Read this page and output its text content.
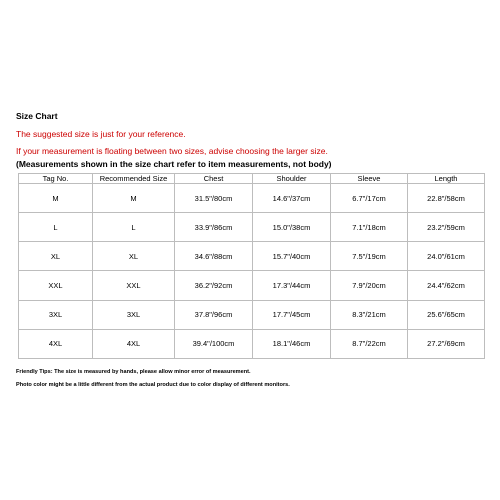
Size Chart
The suggested size is just for your reference.
If your measurement is floating between two sizes, advise choosing the larger size.
(Measurements shown in the size chart refer to item measurements, not body)
Tag No.	Recommended Size	Chest	Shoulder	Sleeve	Length
M	M	31.5"/80cm	14.6"/37cm	6.7"/17cm	22.8"/58cm
L	L	33.9"/86cm	15.0"/38cm	7.1"/18cm	23.2"/59cm
XL	XL	34.6"/88cm	15.7"/40cm	7.5"/19cm	24.0"/61cm
XXL	XXL	36.2"/92cm	17.3"/44cm	7.9"/20cm	24.4"/62cm
3XL	3XL	37.8"/96cm	17.7"/45cm	8.3"/21cm	25.6"/65cm
4XL	4XL	39.4"/100cm	18.1"/46cm	8.7"/22cm	27.2"/69cm
Friendly Tips: The size is measured by hands, please allow minor error of measurement.
Photo color might be a little different from the actual product due to color display of different monitors.
